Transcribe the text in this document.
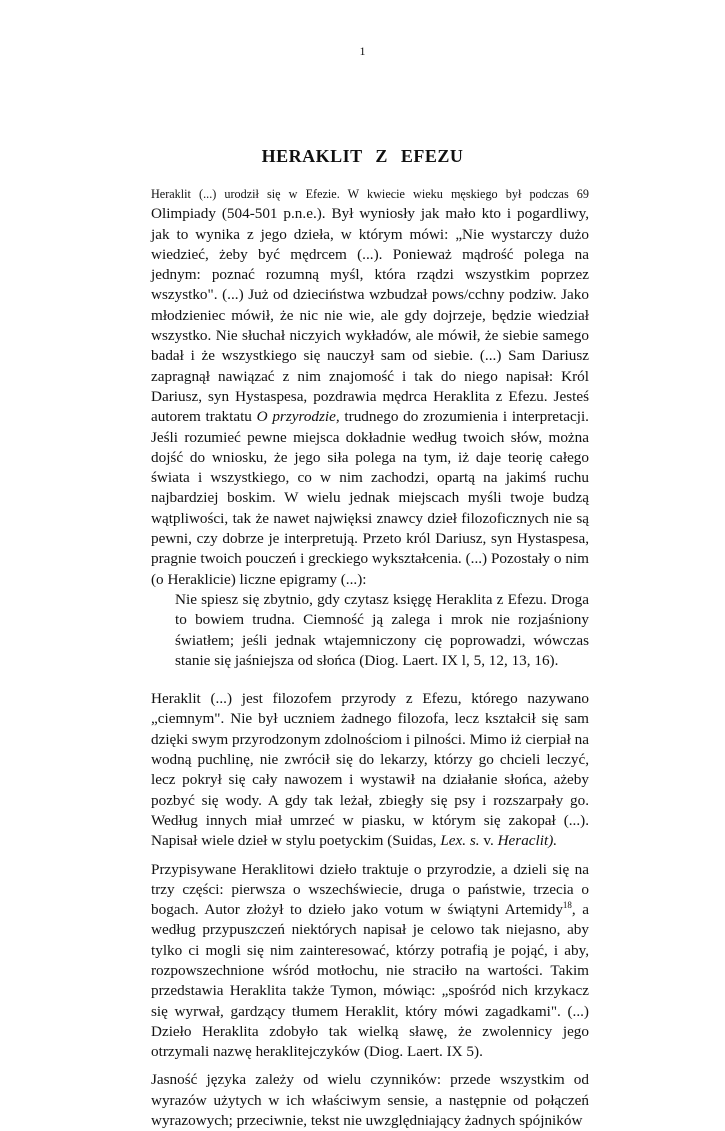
1
HERAKLIT Z EFEZU

Heraklit (...) urodził się w Efezie. W kwiecie wieku męskiego był podczas 69 Olimpiady (504-501 p.n.e.). Był wyniosły jak mało kto i pogardliwy, jak to wynika z jego dzieła, w którym mówi: „Nie wystarczy dużo wiedzieć, żeby być mędrcem (...). Ponieważ mądrość polega na jednym: poznać rozumną myśl, która rządzi wszystkim poprzez wszystko". (...) Już od dzieciństwa wzbudzał pows/cchny podziw. Jako młodzieniec mówił, że nic nie wie, ale gdy dojrzeje, będzie wiedział wszystko. Nie słuchał niczyich wykładów, ale mówił, że siebie samego badał i że wszystkiego się nauczył sam od siebie. (...) Sam Dariusz zapragnął nawiązać z nim znajomość i tak do niego napisał: Król Dariusz, syn Hystaspesa, pozdrawia mędrca Heraklita z Efezu. Jesteś autorem traktatu O przyrodzie, trudnego do zrozumienia i interpretacji. Jeśli rozumieć pewne miejsca dokładnie według twoich słów, można dojść do wniosku, że jego siła polega na tym, iż daje teorię całego świata i wszystkiego, co w nim zachodzi, opartą na jakimś ruchu najbardziej boskim. W wielu jednak miejscach myśli twoje budzą wątpliwości, tak że nawet najwięksi znawcy dzieł filozoficznych nie są pewni, czy dobrze je interpretują. Przeto król Dariusz, syn Hystaspesa, pragnie twoich pouczeń i greckiego wykształcenia. (...) Pozostały o nim (o Heraklicie) liczne epigramy (...):

Nie spiesz się zbytnio, gdy czytasz księgę Heraklita z Efezu. Droga to bowiem trudna. Ciemność ją zalega i mrok nie rozjaśniony światłem; jeśli jednak wtajemniczony cię poprowadzi, wówczas stanie się jaśniejsza od słońca (Diog. Laert. IX l, 5, 12, 13, 16).

Heraklit (...) jest filozofem przyrody z Efezu, którego nazywano „ciemnym". Nie był uczniem żadnego filozofa, lecz kształcił się sam dzięki swym przyrodzonym zdolnościom i pilności. Mimo iż cierpiał na wodną puchlinę, nie zwrócił się do lekarzy, którzy go chcieli leczyć, lecz pokrył się cały nawozem i wystawił na działanie słońca, ażeby pozbyć się wody. A gdy tak leżał, zbiegły się psy i rozszarpały go. Według innych miał umrzeć w piasku, w którym się zakopał (...). Napisał wiele dzieł w stylu poetyckim (Suidas, Lex. s. v. Heraclit).

Przypisywane Heraklitowi dzieło traktuje o przyrodzie, a dzieli się na trzy części: pierwsza o wszechświecie, druga o państwie, trzecia o bogach. Autor złożył to dzieło jako votum w świątyni Artemidy$^{18}$, a według przypuszczeń niektórych napisał je celowo tak niejasno, aby tylko ci mogli się nim zainteresować, którzy potrafią je pojąć, i aby, rozpowszechnione wśród motłochu, nie straciło na wartości. Takim przedstawia Heraklita także Tymon, mówiąc: „spośród nich krzykacz się wyrwał, gardzący tłumem Heraklit, który mówi zagadkami". (...) Dzieło Heraklita zdobyło tak wielką sławę, że zwolennicy jego otrzymali nazwę heraklitejczyków (Diog. Laert. IX 5).

Jasność języka zależy od wielu czynników: przede wszystkim od wyrazów użytych w ich właściwym sensie, a następnie od połączeń wyrazowych; przeciwnie, tekst nie uwzględniający żadnych spójników
